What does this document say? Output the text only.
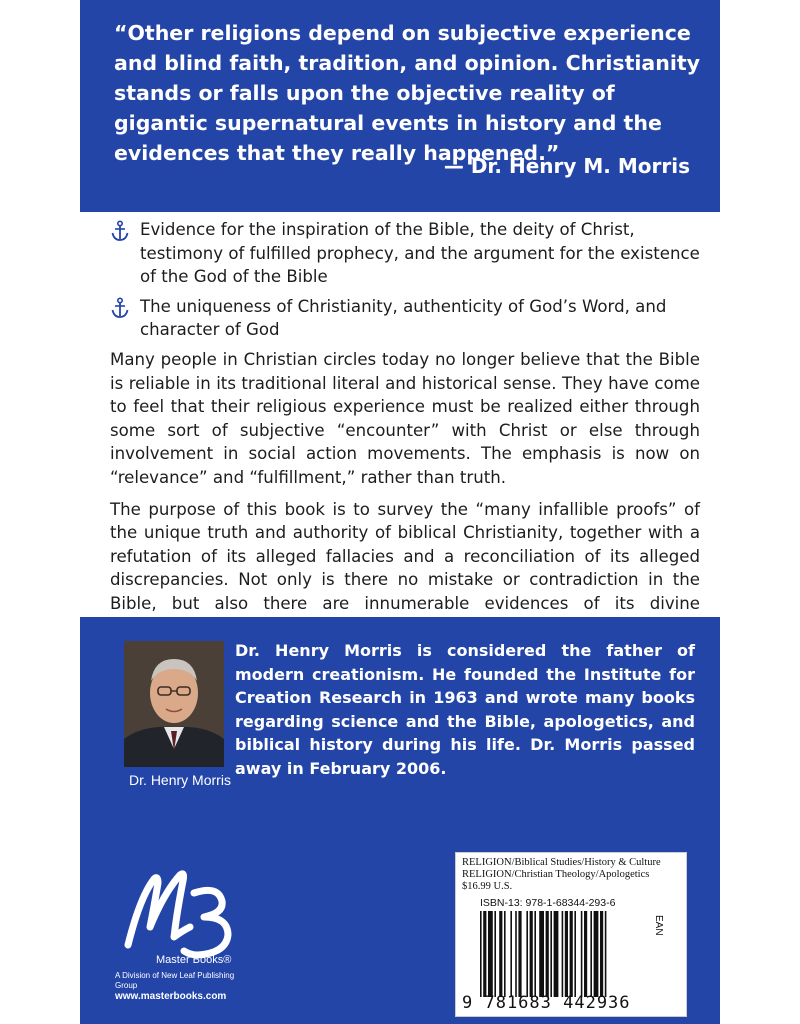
“Other religions depend on subjective experience and blind faith, tradition, and opinion. Christianity stands or falls upon the objective reality of gigantic supernatural events in history and the evidences that they really happened.”
— Dr. Henry M. Morris
Evidence for the inspiration of the Bible, the deity of Christ, testimony of fulfilled prophecy, and the argument for the existence of the God of the Bible
The uniqueness of Christianity, authenticity of God’s Word, and character of God

Many people in Christian circles today no longer believe that the Bible is reliable in its traditional literal and historical sense. They have come to feel that their religious experience must be realized either through some sort of subjective “encounter” with Christ or else through involvement in social action movements. The emphasis is now on “relevance” and “fulfillment,” rather than truth.

The purpose of this book is to survey the “many infallible proofs” of the unique truth and authority of biblical Christianity, together with a refutation of its alleged fallacies and a reconciliation of its alleged discrepancies. Not only is there no mistake or contradiction in the Bible, but also there are innumerable evidences of its divine

Dr. Henry Morris
Dr. Henry Morris is considered the father of modern creationism. He founded the Institute for Creation Research in 1963 and wrote many books regarding science and the Bible, apologetics, and biblical history during his life. Dr. Morris passed away in February 2006.
Master Books®
A Division of New Leaf Publishing Group
www.masterbooks.com
RELIGION/Biblical Studies/History & Culture
RELIGION/Christian Theology/Apologetics
$16.99 U.S.
ISBN-13: 978-1-68344-293-6
EAN
9 781683 442936
